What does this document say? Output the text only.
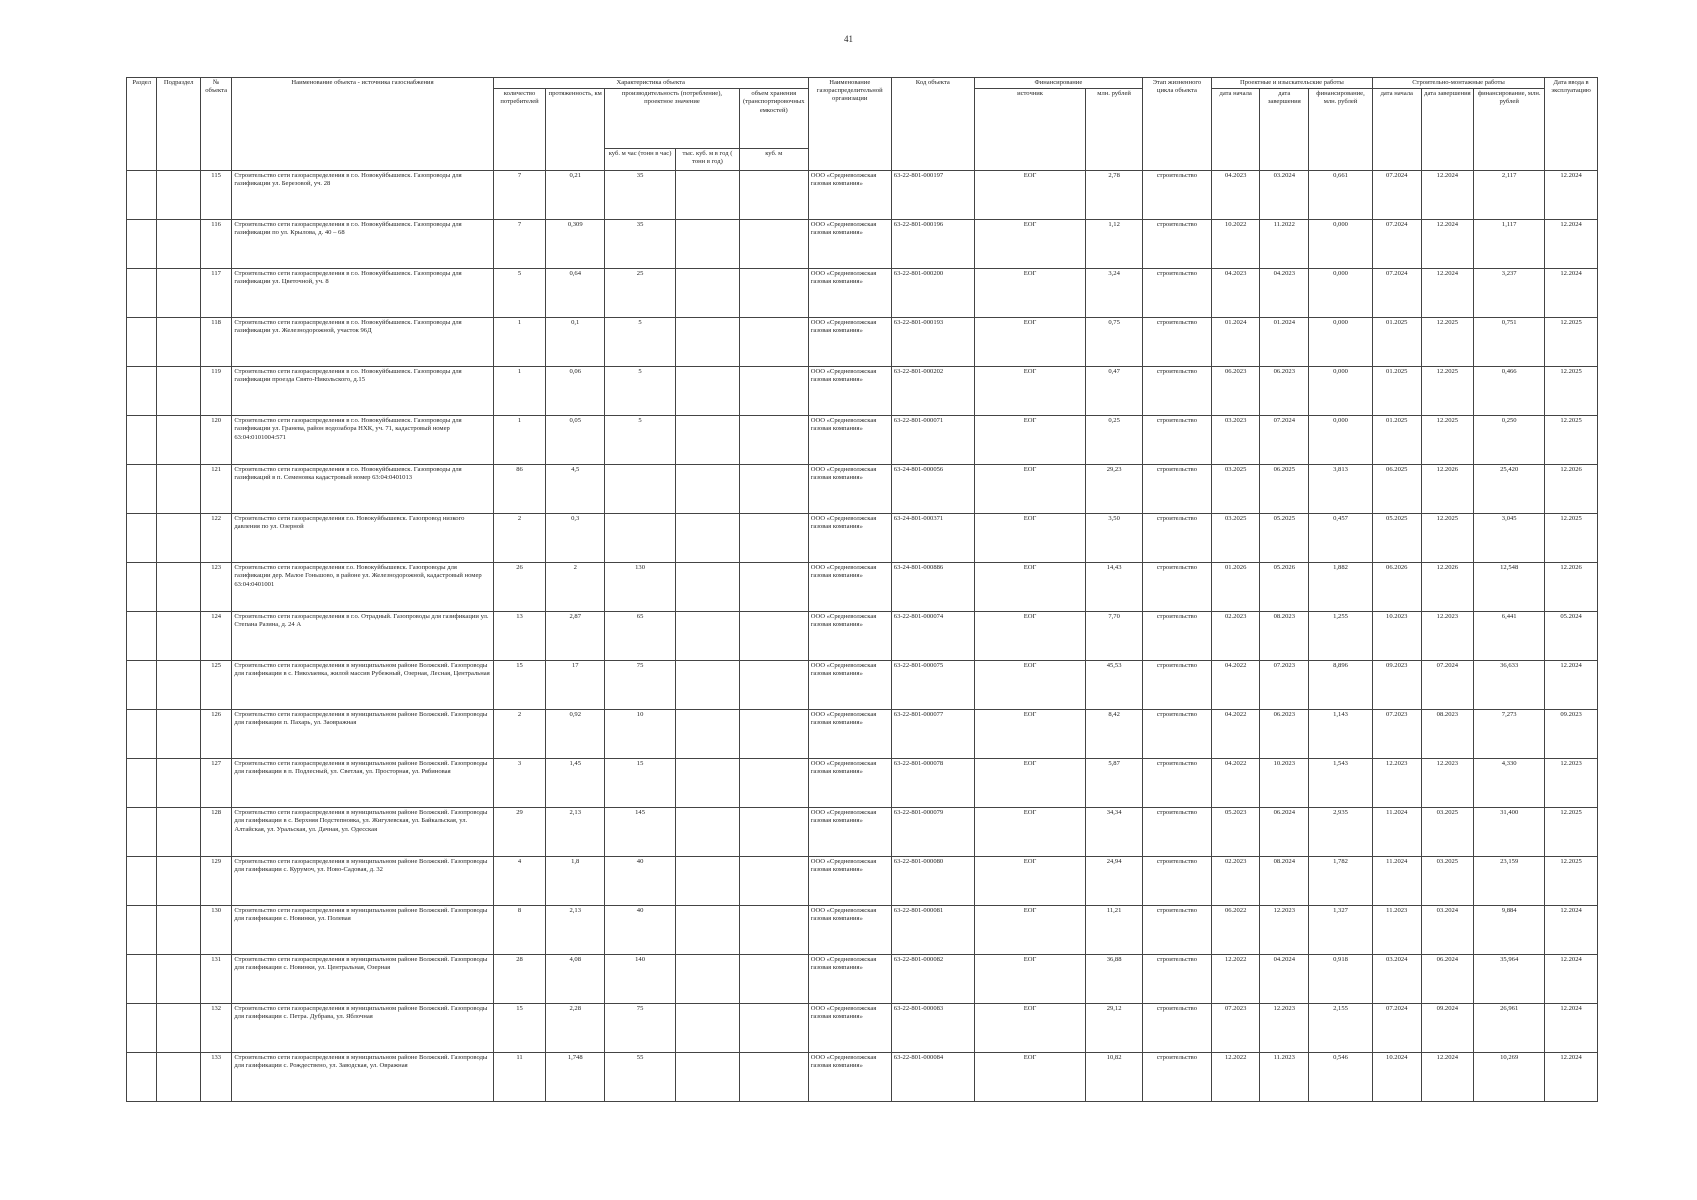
41
Раздел	Подраздел	№ объекта	Наименование объекта - источника газоснабжения	Характеристика объекта					Наименование газораспределительной организации	Код объекта	Финансирование		Этап жизненного цикла объекта	Проектные и изыскательские работы			Строительно-монтажные работы			Дата ввода в эксплуатацию
				количество потребителей	протяженность, км	производительность (потребление), проектное значение		объем хранения (транспортировочных емкостей)			источник	млн. рублей		дата начала	дата завершения	финансирование, млн. рублей	дата начала	дата завершения	финансирование, млн. рублей	
						куб. м час (тонн в час)	тыс. куб. м в год ( тонн в год)	куб. м												
		115	Строительство сети газораспределения в г.о. Новокуйбышевск. Газопроводы для газификации ул. Березовой, уч. 28	7	0,21	35			ООО «Средневолжская газовая компания»	63-22-801-000197	ЕОГ	2,78	строительство	04.2023	03.2024	0,661	07.2024	12.2024	2,117	12.2024
		116	Строительство сети газораспределения в г.о. Новокуйбышевск. Газопроводы для газификации по ул. Крылова, д. 40 – 68	7	0,309	35			ООО «Средневолжская газовая компания»	63-22-801-000196	ЕОГ	1,12	строительство	10.2022	11.2022	0,000	07.2024	12.2024	1,117	12.2024
		117	Строительство сети газораспределения в г.о. Новокуйбышевск. Газопроводы для газификации ул. Цветочной, уч. 8	5	0,64	25			ООО «Средневолжская газовая компания»	63-22-801-000200	ЕОГ	3,24	строительство	04.2023	04.2023	0,000	07.2024	12.2024	3,237	12.2024
		118	Строительство сети газораспределения в г.о. Новокуйбышевск. Газопроводы для газификации ул. Железнодорожной, участок 96Д	1	0,1	5			ООО «Средневолжская газовая компания»	63-22-801-000193	ЕОГ	0,75	строительство	01.2024	01.2024	0,000	01.2025	12.2025	0,751	12.2025
		119	Строительство сети газораспределения в г.о. Новокуйбышевск. Газопроводы для газификации проезда Свято-Никольского, д.15	1	0,06	5			ООО «Средневолжская газовая компания»	63-22-801-000202	ЕОГ	0,47	строительство	06.2023	06.2023	0,000	01.2025	12.2025	0,466	12.2025
		120	Строительство сети газораспределения в г.о. Новокуйбышевск. Газопроводы для газификации ул. Гранева, район водозабора НХК, уч. 71, кадастровый номер 63:04:0101004:571	1	0,05	5			ООО «Средневолжская газовая компания»	63-22-801-000071	ЕОГ	0,25	строительство	03.2023	07.2024	0,000	01.2025	12.2025	0,250	12.2025
		121	Строительство сети газораспределения в г.о. Новокуйбышевск. Газопроводы для газификаций в п. Семеновка кадастровый номер 63:04:0401013	86	4,5				ООО «Средневолжская газовая компания»	63-24-801-000056	ЕОГ	29,23	строительство	03.2025	06.2025	3,813	06.2025	12.2026	25,420	12.2026
		122	Строительство сети газораспределения г.о. Новокуйбышевск. Газопровод низкого давления по ул. Озерной	2	0,3				ООО «Средневолжская газовая компания»	63-24-801-000371	ЕОГ	3,50	строительство	03.2025	05.2025	0,457	05.2025	12.2025	3,045	12.2025
		123	Строительство сети газораспределения г.о. Новокуйбышевск. Газопроводы для газификации дер. Малое Гоньшово, в районе ул. Железнодорожной, кадастровый номер 63:04:0401001	26	2	130			ООО «Средневолжская газовая компания»	63-24-801-000886	ЕОГ	14,43	строительство	01.2026	05.2026	1,882	06.2026	12.2026	12,548	12.2026
		124	Строительство сети газораспределения в г.о. Отрадный. Газопроводы для газификации ул. Степана Разина, д. 24 А	13	2,87	65			ООО «Средневолжская газовая компания»	63-22-801-000074	ЕОГ	7,70	строительство	02.2023	08.2023	1,255	10.2023	12.2023	6,441	05.2024
		125	Строительство сети газораспределения в муниципальном районе Волжский. Газопроводы для газификации в с. Николаевка, жилой массив Рубежный, Озерная, Лесная, Центральная	15	17	75			ООО «Средневолжская газовая компания»	63-22-801-000075	ЕОГ	45,53	строительство	04.2022	07.2023	8,896	09.2023	07.2024	36,633	12.2024
		126	Строительство сети газораспределения в муниципальном районе Волжский. Газопроводы для газификации п. Пахарь, ул. Заовражная	2	0,92	10			ООО «Средневолжская газовая компания»	63-22-801-000077	ЕОГ	8,42	строительство	04.2022	06.2023	1,143	07.2023	08.2023	7,273	09.2023
		127	Строительство сети газораспределения в муниципальном районе Волжский. Газопроводы для газификации в п. Подлесный, ул. Светлая, ул. Просторная, ул. Рябиновая	3	1,45	15			ООО «Средневолжская газовая компания»	63-22-801-000078	ЕОГ	5,87	строительство	04.2022	10.2023	1,543	12.2023	12.2023	4,330	12.2023
		128	Строительство сети газораспределения в муниципальном районе Волжский. Газопроводы для газификации в с. Верхняя Подстепновка, ул. Жигулевская, ул. Байкальская, ул. Алтайская, ул. Уральская, ул. Дачная, ул. Одесская	29	2,13	145			ООО «Средневолжская газовая компания»	63-22-801-000079	ЕОГ	34,34	строительство	05.2023	06.2024	2,935	11.2024	03.2025	31,400	12.2025
		129	Строительство сети газораспределения в муниципальном районе Волжский. Газопроводы для газификации с. Курумоч, ул. Ново-Садовая, д. 32	4	1,8	40			ООО «Средневолжская газовая компания»	63-22-801-000080	ЕОГ	24,94	строительство	02.2023	08.2024	1,782	11.2024	03.2025	23,159	12.2025
		130	Строительство сети газораспределения в муниципальном районе Волжский. Газопроводы для газификации с. Новинки, ул. Полевая	8	2,13	40			ООО «Средневолжская газовая компания»	63-22-801-000081	ЕОГ	11,21	строительство	06.2022	12.2023	1,327	11.2023	03.2024	9,884	12.2024
		131	Строительство сети газораспределения в муниципальном районе Волжский. Газопроводы для газификации с. Новинки, ул. Центральная, Озерная	28	4,08	140			ООО «Средневолжская газовая компания»	63-22-801-000082	ЕОГ	36,88	строительство	12.2022	04.2024	0,918	03.2024	06.2024	35,964	12.2024
		132	Строительство сети газораспределения в муниципальном районе Волжский. Газопроводы для газификации с. Петра. Дубрава, ул. Яблочная	15	2,28	75			ООО «Средневолжская газовая компания»	63-22-801-000083	ЕОГ	29,12	строительство	07.2023	12.2023	2,155	07.2024	09.2024	26,961	12.2024
		133	Строительство сети газораспределения в муниципальном районе Волжский. Газопроводы для газификации с. Рождествено, ул. Заводская, ул. Овражная	11	1,748	55			ООО «Средневолжская газовая компания»	63-22-801-000084	ЕОГ	10,82	строительство	12.2022	11.2023	0,546	10.2024	12.2024	10,269	12.2024
